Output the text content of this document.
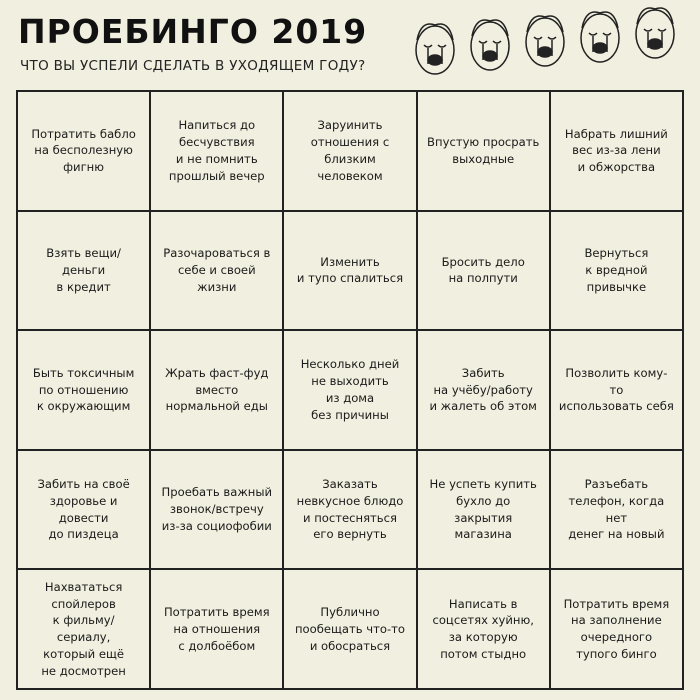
ПРОЕБИНГО 2019
ЧТО ВЫ УСПЕЛИ СДЕЛАТЬ В УХОДЯЩЕМ ГОДУ?
Потратить бабло
на бесполезную
фигню
Напиться до
бесчувствия
и не помнить
прошлый вечер
Заруинить
отношения с
близким
человеком
Впустую просрать
выходные
Набрать лишний
вес из-за лени
и обжорства
Взять вещи/деньги
в кредит
Разочароваться в
себе и своей
жизни
Изменить
и тупо спалиться
Бросить дело
на полпути
Вернуться
к вредной
привычке
Быть токсичным
по отношению
к окружающим
Жрать фаст-фуд
вместо
нормальной еды
Несколько дней
не выходить
из дома
без причины
Забить
на учёбу/работу
и жалеть об этом
Позволить кому-то
использовать себя
Забить на своё
здоровье и довести
до пиздеца
Проебать важный
звонок/встречу
из-за социофобии
Заказать
невкусное блюдо
и постесняться
его вернуть
Не успеть купить
бухло до закрытия
магазина
Разъебать
телефон, когда нет
денег на новый
Нахвататься
спойлеров
к фильму/сериалу,
который ещё
не досмотрен
Потратить время
на отношения
с долбоёбом
Публично
пообещать что-то
и обосраться
Написать в
соцсетях хуйню,
за которую
потом стыдно
Потратить время
на заполнение
очередного
тупого бинго
